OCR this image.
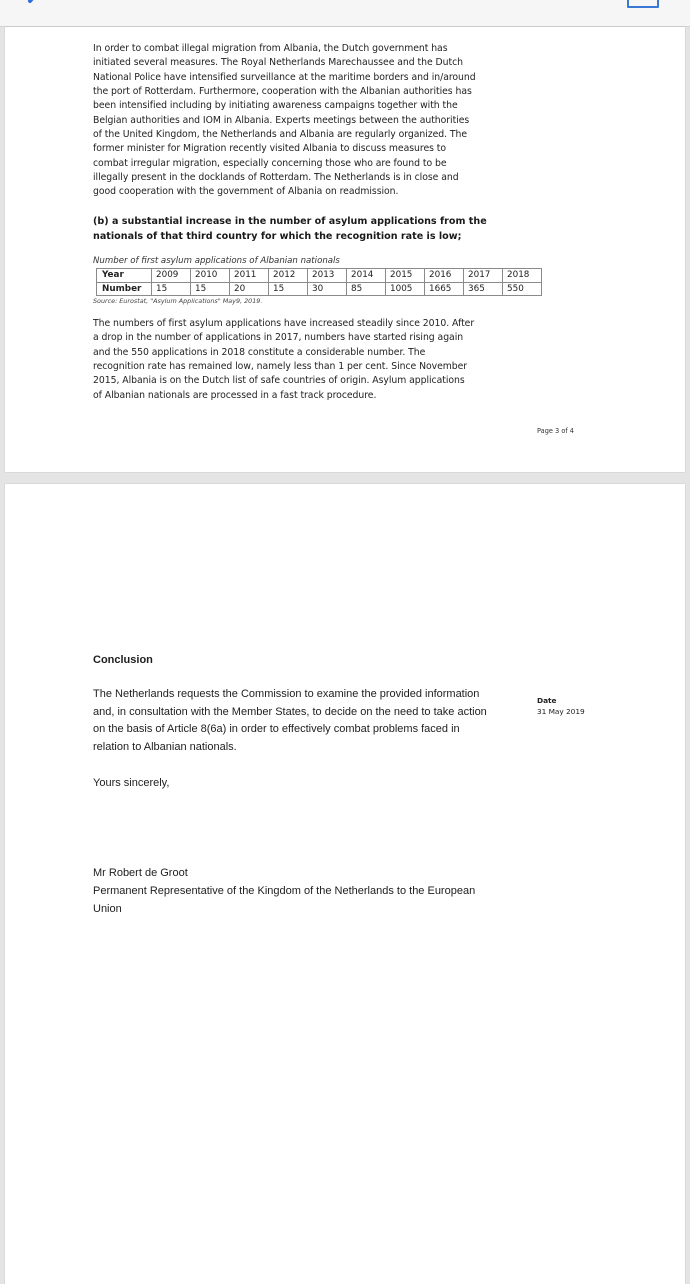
In order to combat illegal migration from Albania, the Dutch government has
initiated several measures. The Royal Netherlands Marechaussee and the Dutch
National Police have intensified surveillance at the maritime borders and in/around
the port of Rotterdam. Furthermore, cooperation with the Albanian authorities has
been intensified including by initiating awareness campaigns together with the
Belgian authorities and IOM in Albania. Experts meetings between the authorities
of the United Kingdom, the Netherlands and Albania are regularly organized. The
former minister for Migration recently visited Albania to discuss measures to
combat irregular migration, especially concerning those who are found to be
illegally present in the docklands of Rotterdam. The Netherlands is in close and
good cooperation with the government of Albania on readmission.
(b) a substantial increase in the number of asylum applications from the
nationals of that third country for which the recognition rate is low;
Number of first asylum applications of Albanian nationals
Year	2009	2010	2011	2012	2013	2014	2015	2016	2017	2018
Number	15	15	20	15	30	85	1005	1665	365	550
Source: Eurostat, "Asylum Applications" May9, 2019.
The numbers of first asylum applications have increased steadily since 2010. After
a drop in the number of applications in 2017, numbers have started rising again
and the 550 applications in 2018 constitute a considerable number. The
recognition rate has remained low, namely less than 1 per cent. Since November
2015, Albania is on the Dutch list of safe countries of origin. Asylum applications
of Albanian nationals are processed in a fast track procedure.
Page 3 of 4
Conclusion
The Netherlands requests the Commission to examine the provided information
and, in consultation with the Member States, to decide on the need to take action
on the basis of Article 8(6a) in order to effectively combat problems faced in
relation to Albanian nationals.
Date
31 May 2019
Yours sincerely,
Mr Robert de Groot
Permanent Representative of the Kingdom of the Netherlands to the European
Union
